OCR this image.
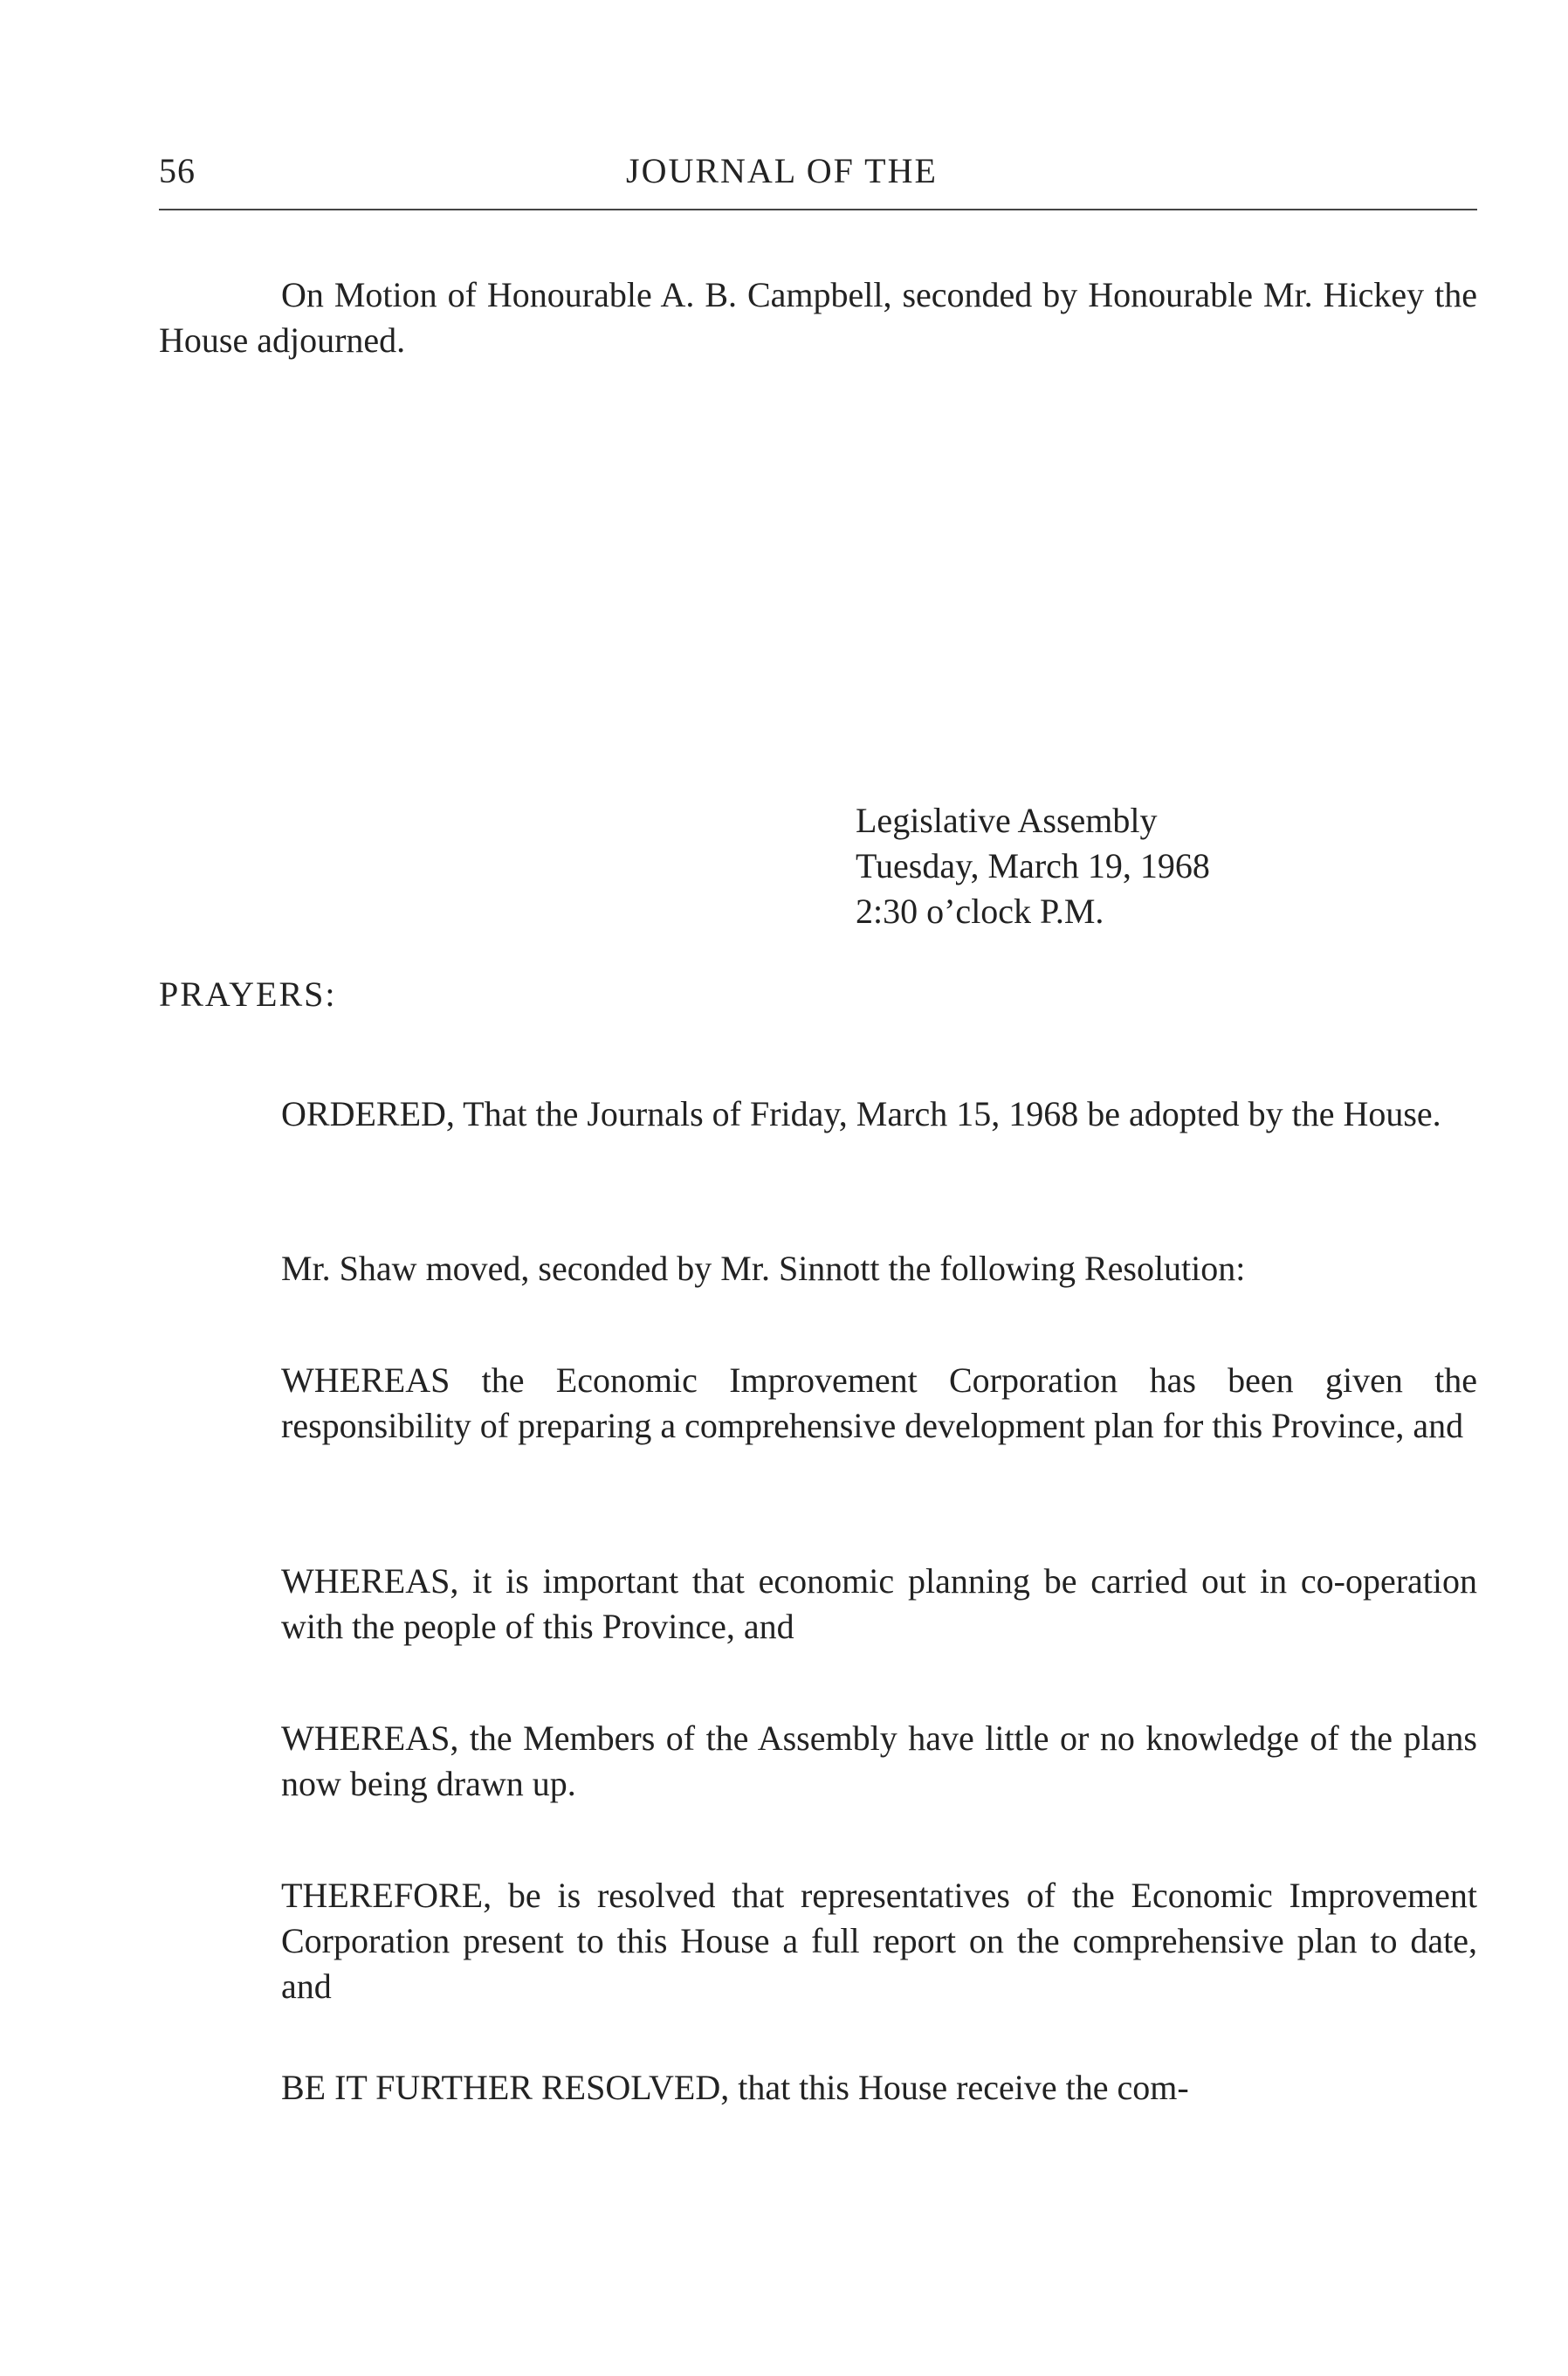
56	JOURNAL OF THE

On Motion of Honourable A. B. Campbell, seconded by Honourable Mr. Hickey the House adjourned.

Legislative Assembly
Tuesday, March 19, 1968
2:30 o’clock P.M.
PRAYERS:

ORDERED, That the Journals of Friday, March 15, 1968 be adopted by the House.

Mr. Shaw moved, seconded by Mr. Sinnott the following Resolution:

WHEREAS the Economic Improvement Corporation has been given the responsibility of preparing a comprehensive development plan for this Province, and

WHEREAS, it is important that economic planning be carried out in co-operation with the people of this Province, and

WHEREAS, the Members of the Assembly have little or no knowledge of the plans now being drawn up.

THEREFORE, be is resolved that representatives of the Economic Improvement Corporation present to this House a full report on the comprehensive plan to date, and

BE IT FURTHER RESOLVED, that this House receive the com-
